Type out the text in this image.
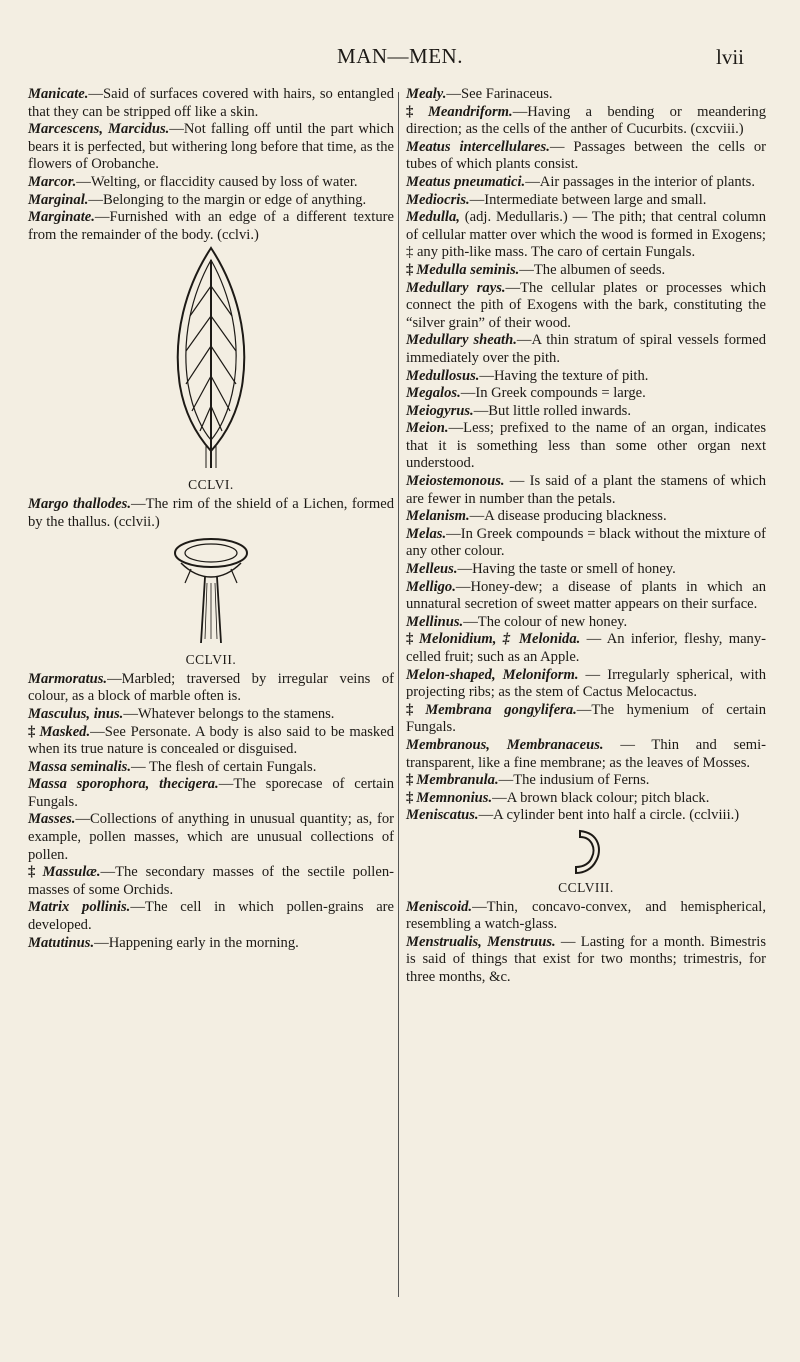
MAN—MEN.	lvii
Manicate.—Said of surfaces covered with hairs, so entangled that they can be stripped off like a skin.
Marcescens, Marcidus.—Not falling off until the part which bears it is perfected, but withering long before that time, as the flowers of Orobanche.
Marcor.—Welting, or flaccidity caused by loss of water.
Marginal.—Belonging to the margin or edge of anything.
Marginate.—Furnished with an edge of a different texture from the remainder of the body. (cclvi.)
CCLVI.
Margo thallodes.—The rim of the shield of a Lichen, formed by the thallus. (cclvii.)
CCLVII.
Marmoratus.—Marbled; traversed by irregular veins of colour, as a block of marble often is.
Masculus, inus.—Whatever belongs to the stamens.
‡ Masked.—See Personate. A body is also said to be masked when its true nature is concealed or disguised.
Massa seminalis.— The flesh of certain Fungals.
Massa sporophora, thecigera.—The sporecase of certain Fungals.
Masses.—Collections of anything in unusual quantity; as, for example, pollen masses, which are unusual collections of pollen.
‡ Massulæ.—The secondary masses of the sectile pollen-masses of some Orchids.
Matrix pollinis.—The cell in which pollen-grains are developed.
Matutinus.—Happening early in the morning.
Mealy.—See Farinaceus.
‡ Meandriform.—Having a bending or meandering direction; as the cells of the anther of Cucurbits. (cxcviii.)
Meatus intercellulares.— Passages between the cells or tubes of which plants consist.
Meatus pneumatici.—Air passages in the interior of plants.
Mediocris.—Intermediate between large and small.
Medulla, (adj. Medullaris.) — The pith; that central column of cellular matter over which the wood is formed in Exogens; ‡ any pith-like mass. The caro of certain Fungals.
‡ Medulla seminis.—The albumen of seeds.
Medullary rays.—The cellular plates or processes which connect the pith of Exogens with the bark, constituting the “silver grain” of their wood.
Medullary sheath.—A thin stratum of spiral vessels formed immediately over the pith.
Medullosus.—Having the texture of pith.
Megalos.—In Greek compounds = large.
Meiogyrus.—But little rolled inwards.
Meion.—Less; prefixed to the name of an organ, indicates that it is something less than some other organ next understood.
Meiostemonous. — Is said of a plant the stamens of which are fewer in number than the petals.
Melanism.—A disease producing blackness.
Melas.—In Greek compounds = black without the mixture of any other colour.
Melleus.—Having the taste or smell of honey.
Melligo.—Honey-dew; a disease of plants in which an unnatural secretion of sweet matter appears on their surface.
Mellinus.—The colour of new honey.
‡ Melonidium, ‡ Melonida. — An inferior, fleshy, many-celled fruit; such as an Apple.
Melon-shaped, Meloniform. — Irregularly spherical, with projecting ribs; as the stem of Cactus Melocactus.
‡ Membrana gongylifera.—The hymenium of certain Fungals.
Membranous, Membranaceus. — Thin and semi-transparent, like a fine membrane; as the leaves of Mosses.
‡ Membranula.—The indusium of Ferns.
‡ Memnonius.—A brown black colour; pitch black.
Meniscatus.—A cylinder bent into half a circle. (cclviii.)
CCLVIII.
Meniscoid.—Thin, concavo-convex, and hemispherical, resembling a watch-glass.
Menstrualis, Menstruus. — Lasting for a month. Bimestris is said of things that exist for two months; trimestris, for three months, &c.
